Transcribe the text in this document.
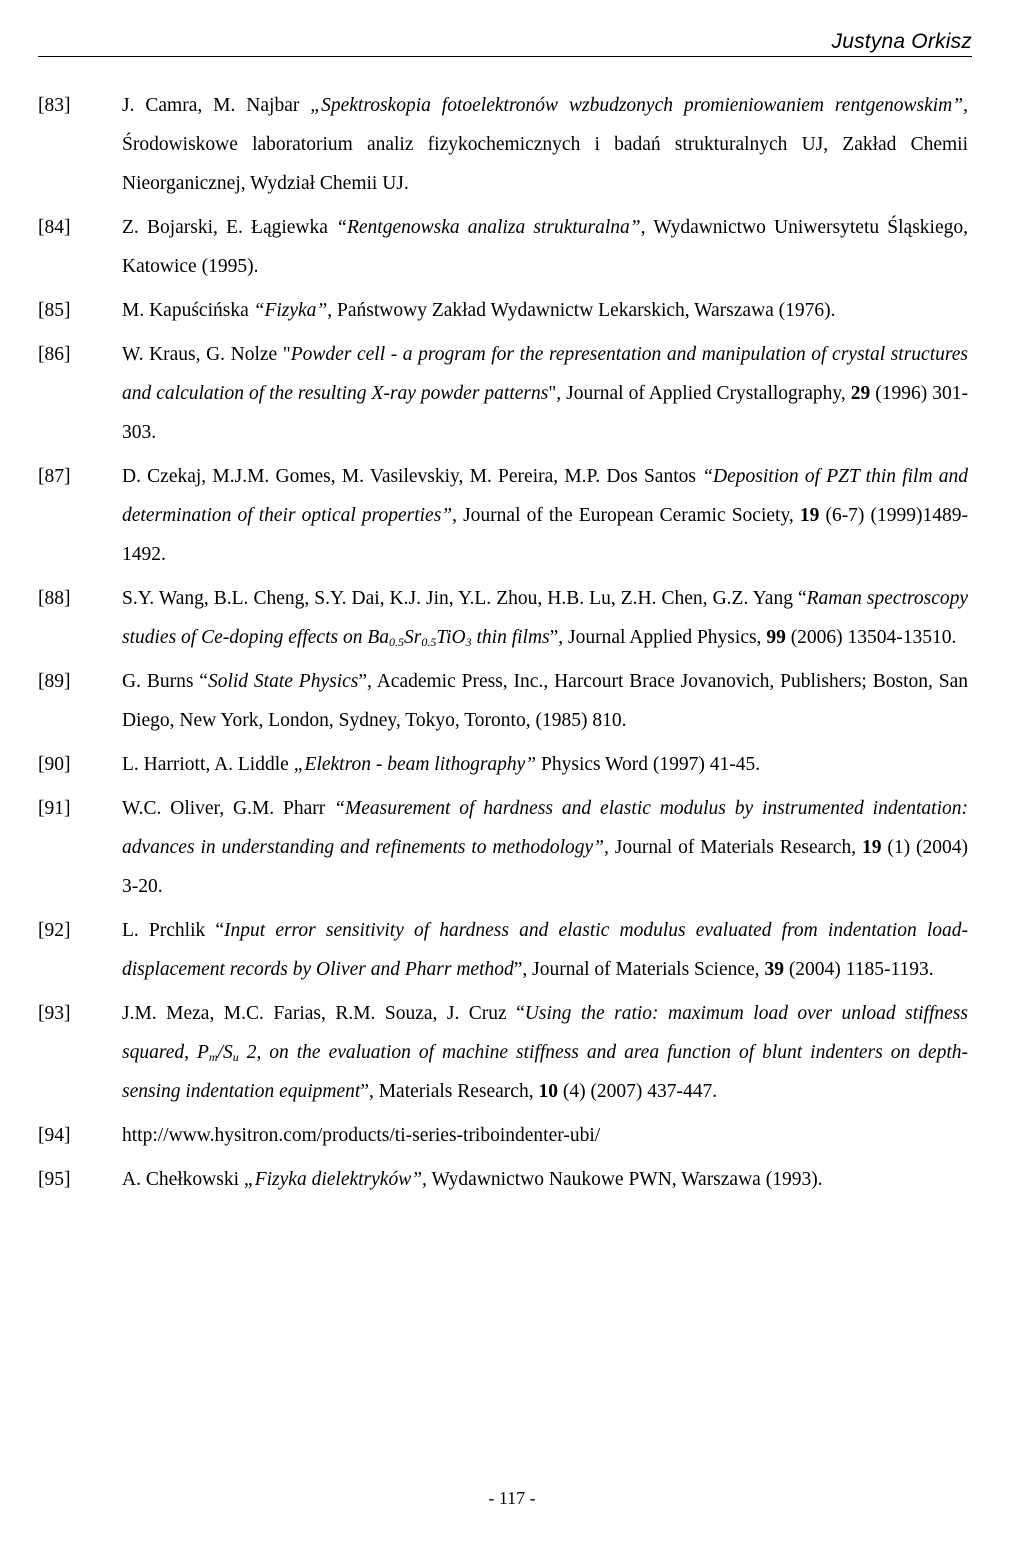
Justyna Orkisz
[83]	J. Camra, M. Najbar „Spektroskopia fotoelektronów wzbudzonych promieniowaniem rentgenowskim”, Środowiskowe laboratorium analiz fizykochemicznych i badań strukturalnych UJ, Zakład Chemii Nieorganicznej, Wydział Chemii UJ.
[84]	Z. Bojarski, E. Łągiewka “Rentgenowska analiza strukturalna”, Wydawnictwo Uniwersytetu Śląskiego, Katowice (1995).
[85]	M. Kapuścińska “Fizyka”, Państwowy Zakład Wydawnictw Lekarskich, Warszawa (1976).
[86]	W. Kraus, G. Nolze "Powder cell - a program for the representation and manipulation of crystal structures and calculation of the resulting X-ray powder patterns", Journal of Applied Crystallography, 29 (1996) 301-303.
[87]	D. Czekaj, M.J.M. Gomes, M. Vasilevskiy, M. Pereira, M.P. Dos Santos “Deposition of PZT thin film and determination of their optical properties”, Journal of the European Ceramic Society, 19 (6-7) (1999)1489-1492.
[88]	S.Y. Wang, B.L. Cheng, S.Y. Dai, K.J. Jin, Y.L. Zhou, H.B. Lu, Z.H. Chen, G.Z. Yang “Raman spectroscopy studies of Ce-doping effects on $Ba_{0.5}Sr_{0.5}TiO_3$ thin films”, Journal Applied Physics, 99 (2006) 13504-13510.
[89]	G. Burns “Solid State Physics”, Academic Press, Inc., Harcourt Brace Jovanovich, Publishers; Boston, San Diego, New York, London, Sydney, Tokyo, Toronto, (1985) 810.
[90]	L. Harriott, A. Liddle „Elektron - beam lithography” Physics Word (1997) 41-45.
[91]	W.C. Oliver, G.M. Pharr “Measurement of hardness and elastic modulus by instrumented indentation: advances in understanding and refinements to methodology”, Journal of Materials Research, 19 (1) (2004) 3-20.
[92]	L. Prchlik “Input error sensitivity of hardness and elastic modulus evaluated from indentation load-displacement records by Oliver and Pharr method”, Journal of Materials Science, 39 (2004) 1185-1193.
[93]	J.M. Meza, M.C. Farias, R.M. Souza, J. Cruz “Using the ratio: maximum load over unload stiffness squared, $P_m/S_u$ 2, on the evaluation of machine stiffness and area function of blunt indenters on depth-sensing indentation equipment”, Materials Research, 10 (4) (2007) 437-447.
[94]	http://www.hysitron.com/products/ti-series-triboindenter-ubi/
[95]	A. Chełkowski „Fizyka dielektryków”, Wydawnictwo Naukowe PWN, Warszawa (1993).
- 117 -
